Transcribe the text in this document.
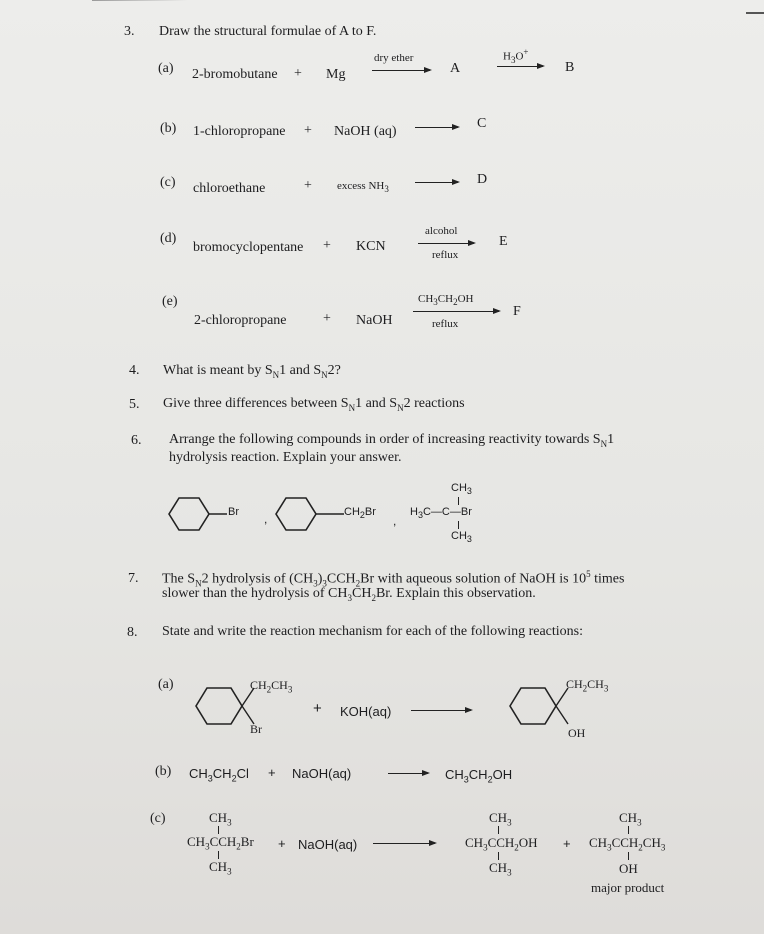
3. Draw the structural formulae of A to F.
(a) 2-bromobutane + Mg
dry ether
A
$H_3O^+$
B
(b) 1-chloropropane + NaOH (aq)
C
(c) chloroethane	+ excess $NH_3$
D
(d)
bromocyclopentane + KCN
alcohol
reflux
E
(e)
2-chloropropane	+ NaOH
$CH_3CH_2OH$
reflux
F
4. What is meant by $S_N1$ and $S_N2$?
5. Give three differences between $S_N1$ and $S_N2$ reactions
6. Arrange the following compounds in order of increasing reactivity towards $S_N1$
hydrolysis reaction. Explain your answer.
Br ,	$CH_2Br$
,
$CH_3$
$H_3C—C—Br$
$CH_3$
7. The $S_N2$ hydrolysis of $(CH_3)_3CCH_2Br$ with aqueous solution of NaOH is $10^5$ times
slower than the hydrolysis of $CH_3CH_2Br$. Explain this observation.
8. State and write the reaction mechanism for each of the following reactions:
(a)	$CH_2CH_3$
Br
+ KOH(aq)
$CH_2CH_3$
OH
(b) $CH_3CH_2Cl$ + NaOH(aq)	$CH_3CH_2OH$
(c)	$CH_3$
$CH_3CCH_2Br$
$CH_3$
+ NaOH(aq)
$CH_3$
$CH_3CCH_2OH$
$CH_3$
+
$CH_3$
$CH_3CCH_2CH_3$
OH
major product
